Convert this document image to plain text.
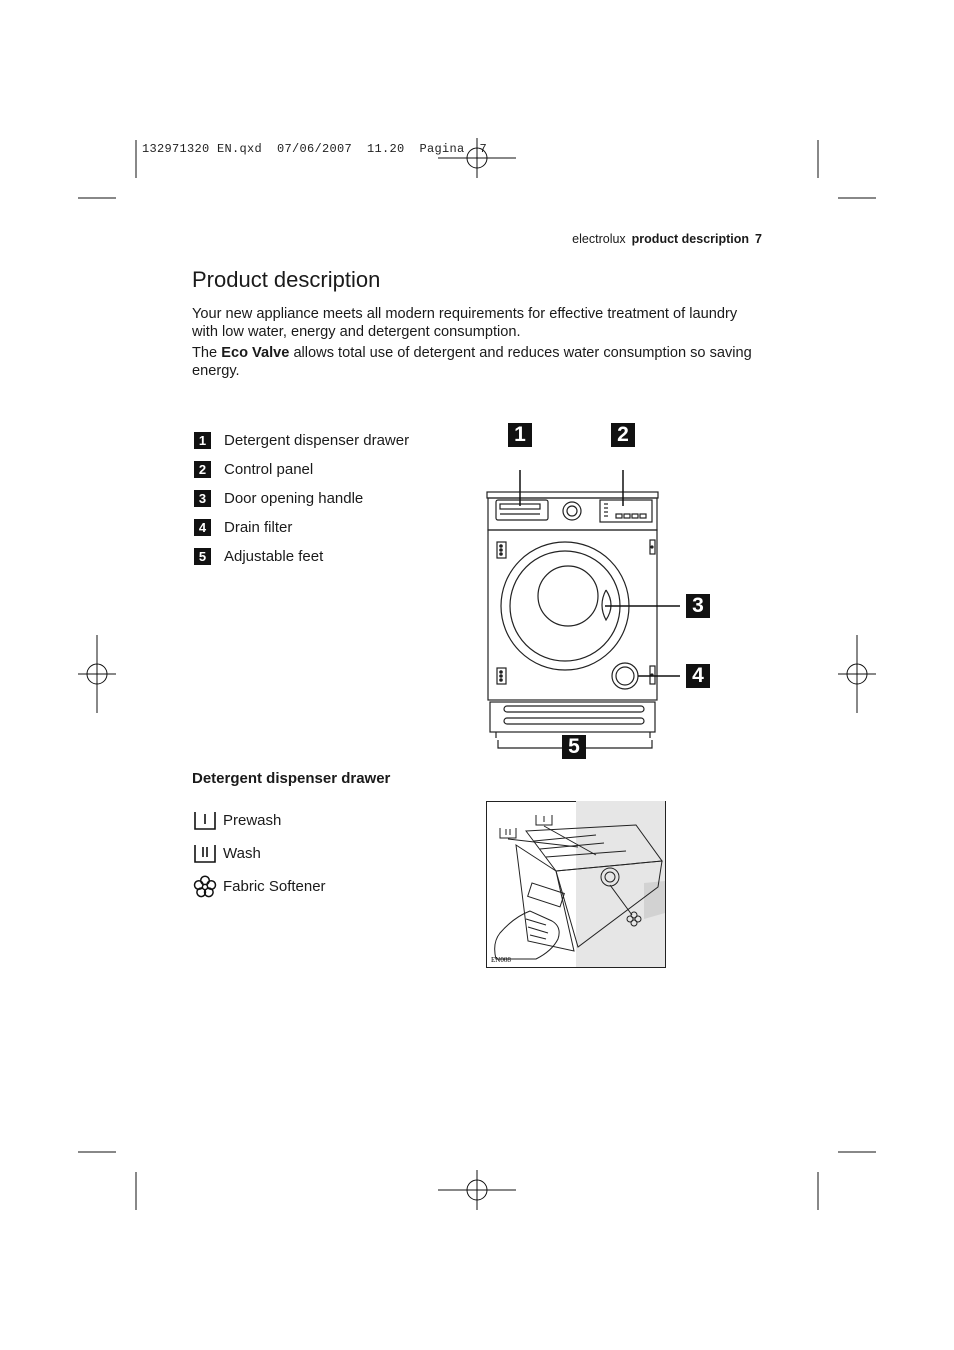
132971320 EN.qxd  07/06/2007  11.20  Pagina  7
electrolux product description 7
Product description

Your new appliance meets all modern requirements for effective treatment of laundry with low water, energy and detergent consumption.

The Eco Valve allows total use of detergent and reduces water consumption so saving energy.

1	Detergent dispenser drawer
2	Control panel
3	Door opening handle
4	Drain filter
5	Adjustable feet
1	2
3
4
5
Detergent dispenser drawer
Prewash
Wash
Fabric Softener
EN008
